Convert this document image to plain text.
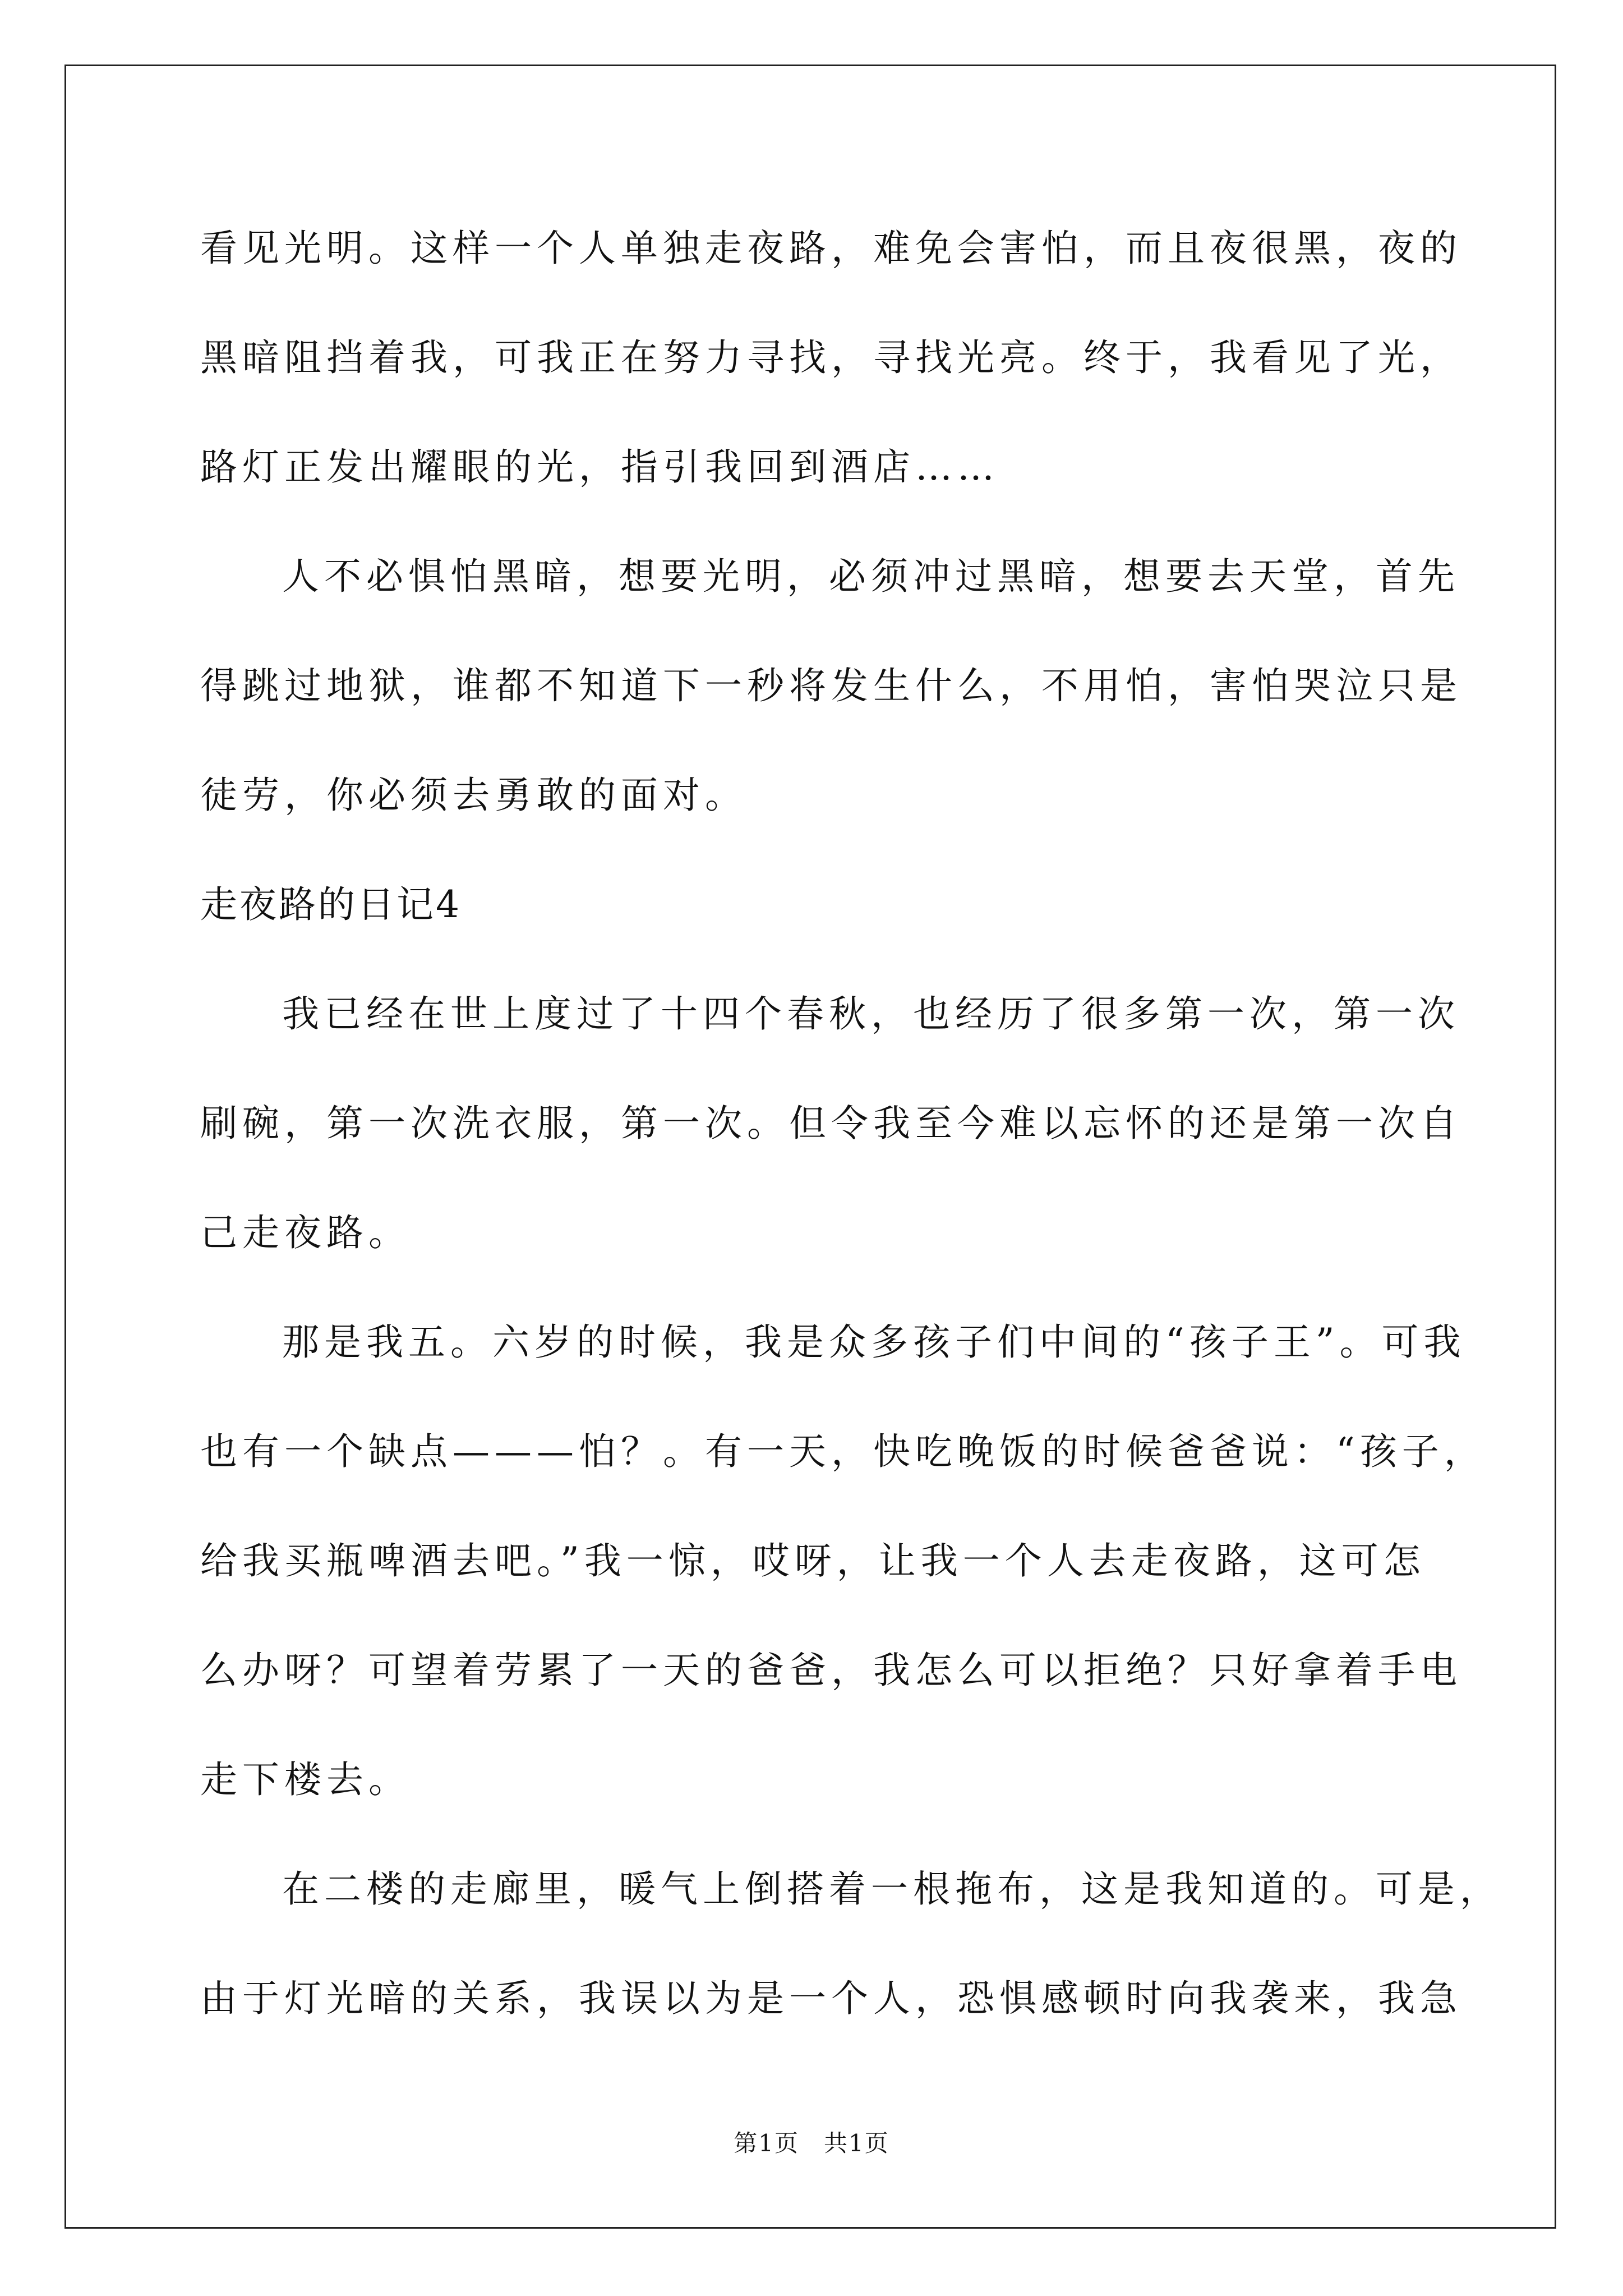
看见光明。这样一个人单独走夜路，难免会害怕，而且夜很黑，夜的
黑暗阻挡着我，可我正在努力寻找，寻找光亮。终于，我看见了光，
路灯正发出耀眼的光，指引我回到酒店……
人不必惧怕黑暗，想要光明，必须冲过黑暗，想要去天堂，首先
得跳过地狱，谁都不知道下一秒将发生什么，不用怕，害怕哭泣只是
徒劳，你必须去勇敢的面对。
走夜路的日记4
我已经在世上度过了十四个春秋，也经历了很多第一次，第一次
刷碗，第一次洗衣服，第一次。但令我至今难以忘怀的还是第一次自
己走夜路。
那是我五。六岁的时候，我是众多孩子们中间的“孩子王”。可我
也有一个缺点———怕？。有一天，快吃晚饭的时候爸爸说：“孩子，
给我买瓶啤酒去吧。”我一惊，哎呀，让我一个人去走夜路，这可怎
么办呀？可望着劳累了一天的爸爸，我怎么可以拒绝？只好拿着手电
走下楼去。
在二楼的走廊里，暖气上倒搭着一根拖布，这是我知道的。可是，
由于灯光暗的关系，我误以为是一个人，恐惧感顿时向我袭来，我急
第1页　共1页
